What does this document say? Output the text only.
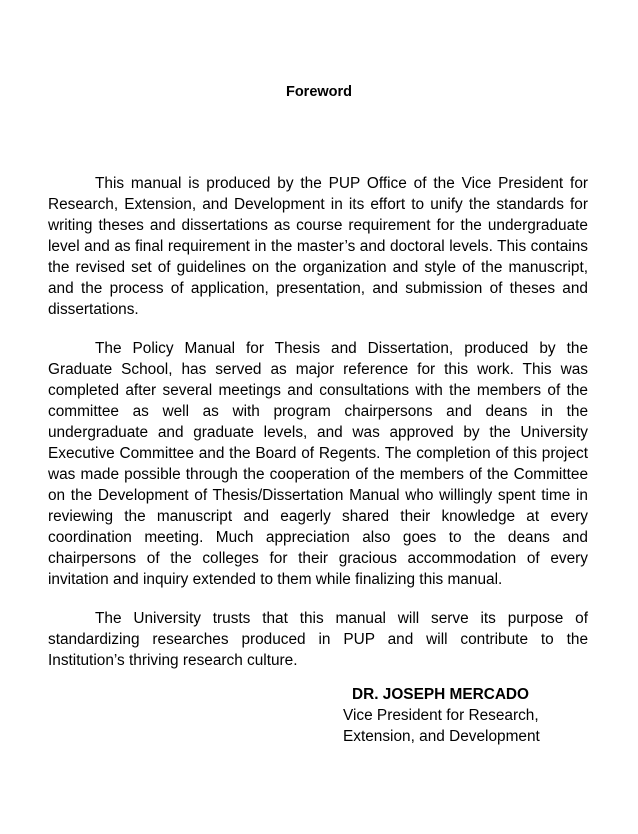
Foreword

This manual is produced by the PUP Office of the Vice President for Research, Extension, and Development in its effort to unify the standards for writing theses and dissertations as course requirement for the undergraduate level and as final requirement in the master’s and doctoral levels. This contains the revised set of guidelines on the organization and style of the manuscript, and the process of application, presentation, and submission of theses and dissertations.

The Policy Manual for Thesis and Dissertation, produced by the Graduate School, has served as major reference for this work. This was completed after several meetings and consultations with the members of the committee as well as with program chairpersons and deans in the undergraduate and graduate levels, and was approved by the University Executive Committee and the Board of Regents. The completion of this project was made possible through the cooperation of the members of the Committee on the Development of Thesis/Dissertation Manual who willingly spent time in reviewing the manuscript and eagerly shared their knowledge at every coordination meeting. Much appreciation also goes to the deans and chairpersons of the colleges for their gracious accommodation of every invitation and inquiry extended to them while finalizing this manual.

The University trusts that this manual will serve its purpose of standardizing researches produced in PUP and will contribute to the Institution’s thriving research culture.

DR. JOSEPH MERCADO
Vice President for Research,
Extension, and Development
